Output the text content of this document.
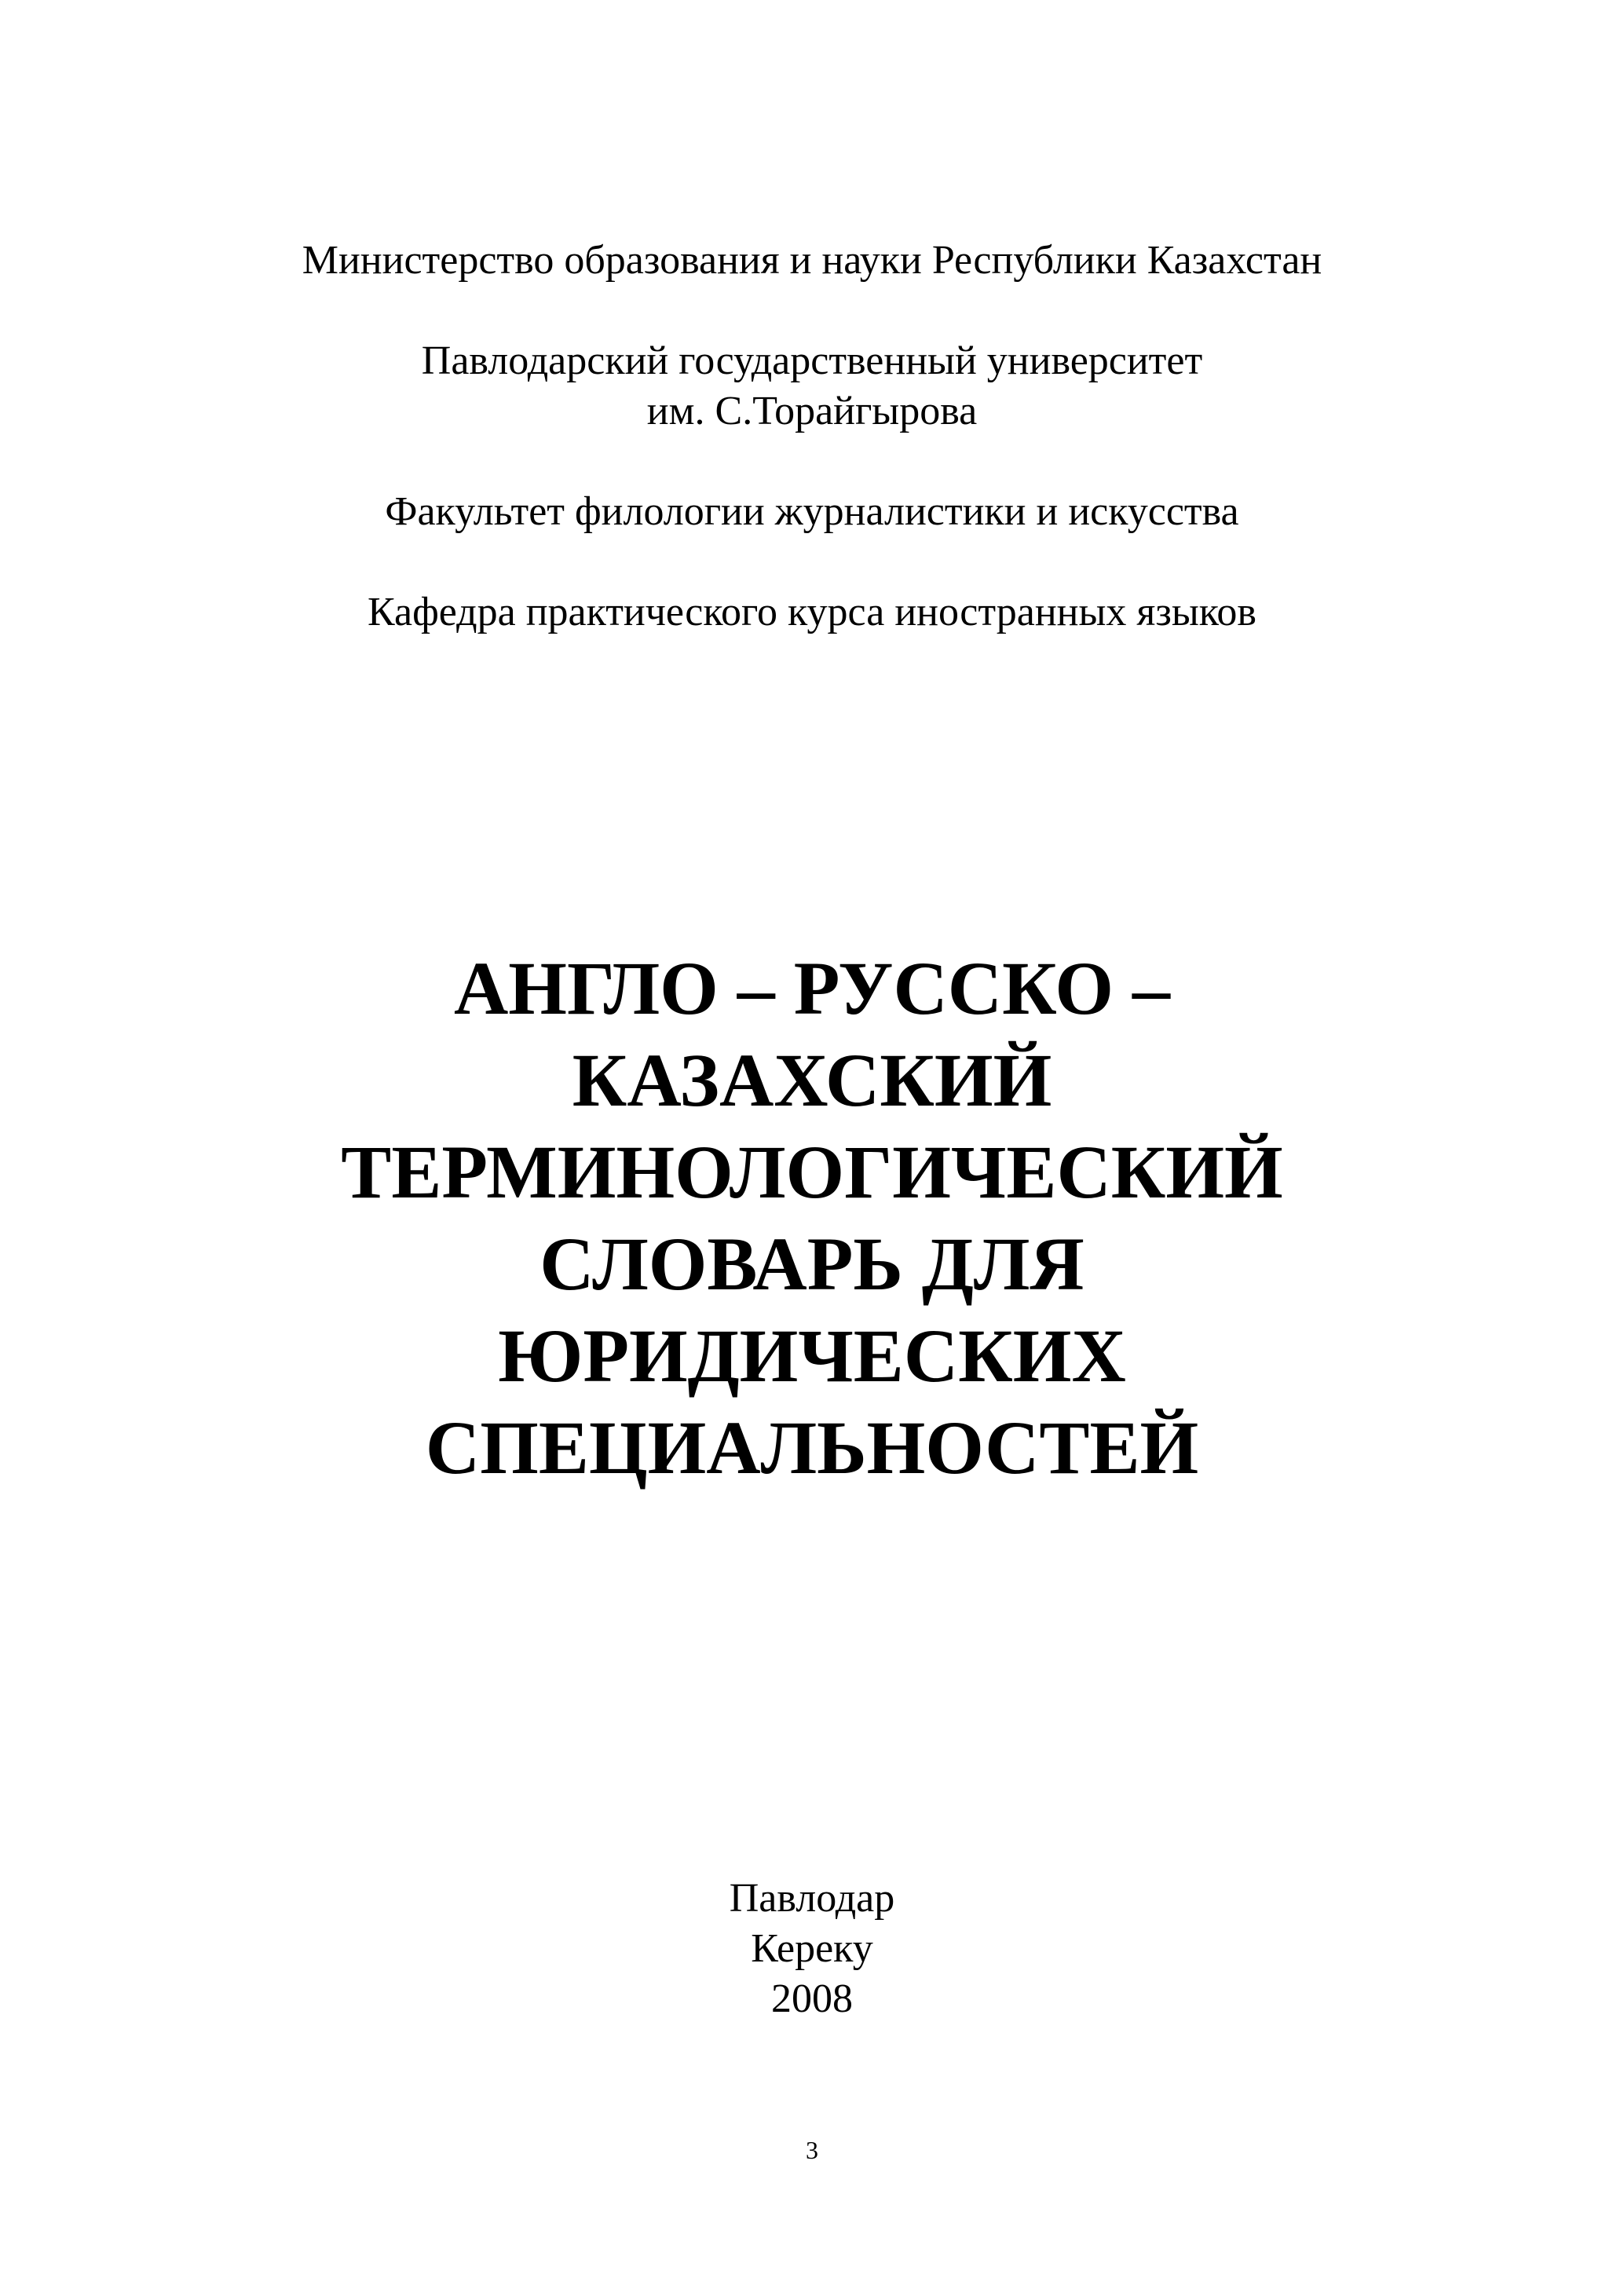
Министерство образования и науки Республики Казахстан
Павлодарский государственный университет
им. С.Торайгырова
Факультет филологии журналистики и искусства
Кафедра практического курса иностранных языков
АНГЛО – РУССКО –
КАЗАХСКИЙ
ТЕРМИНОЛОГИЧЕСКИЙ
СЛОВАРЬ ДЛЯ
ЮРИДИЧЕСКИХ
СПЕЦИАЛЬНОСТЕЙ
Павлодар
Кереку
2008
3
